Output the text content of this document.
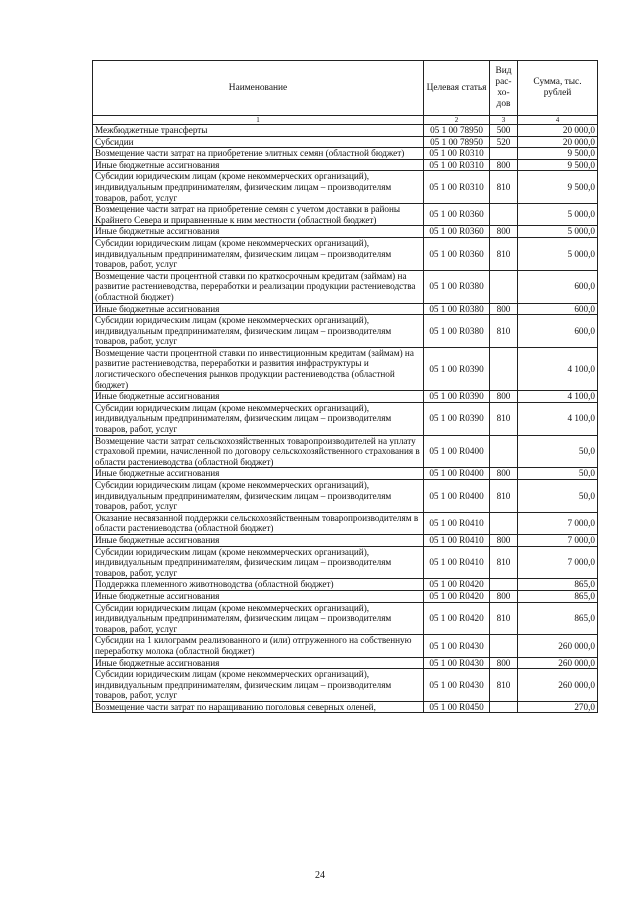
Наименование	Целевая статья	Вид рас- хо- дов	Сумма, тыс. рублей
1	2	3	4
Межбюджетные трансферты	05 1 00 78950	500	20 000,0
Субсидии	05 1 00 78950	520	20 000,0
Возмещение части затрат на приобретение элитных семян (областной бюджет)	05 1 00 R0310		9 500,0
Иные бюджетные ассигнования	05 1 00 R0310	800	9 500,0
Субсидии юридическим лицам (кроме некоммерческих организаций), индивидуальным предпринимателям, физическим лицам – производителям товаров, работ, услуг	05 1 00 R0310	810	9 500,0
Возмещение части затрат на приобретение семян с учетом доставки в районы Крайнего Севера и приравненные к ним местности (областной бюджет)	05 1 00 R0360		5 000,0
Иные бюджетные ассигнования	05 1 00 R0360	800	5 000,0
Субсидии юридическим лицам (кроме некоммерческих организаций), индивидуальным предпринимателям, физическим лицам – производителям товаров, работ, услуг	05 1 00 R0360	810	5 000,0
Возмещение части процентной ставки по краткосрочным кредитам (займам) на развитие растениеводства, переработки и реализации продукции растениеводства (областной бюджет)	05 1 00 R0380		600,0
Иные бюджетные ассигнования	05 1 00 R0380	800	600,0
Субсидии юридическим лицам (кроме некоммерческих организаций), индивидуальным предпринимателям, физическим лицам – производителям товаров, работ, услуг	05 1 00 R0380	810	600,0
Возмещение части процентной ставки по инвестиционным кредитам (займам) на развитие растениеводства, переработки и развития инфраструктуры и логистического обеспечения рынков продукции растениеводства (областной бюджет)	05 1 00 R0390		4 100,0
Иные бюджетные ассигнования	05 1 00 R0390	800	4 100,0
Субсидии юридическим лицам (кроме некоммерческих организаций), индивидуальным предпринимателям, физическим лицам – производителям товаров, работ, услуг	05 1 00 R0390	810	4 100,0
Возмещение части затрат сельскохозяйственных товаропроизводителей на уплату страховой премии, начисленной по договору сельскохозяйственного страхования в области растениеводства (областной бюджет)	05 1 00 R0400		50,0
Иные бюджетные ассигнования	05 1 00 R0400	800	50,0
Субсидии юридическим лицам (кроме некоммерческих организаций), индивидуальным предпринимателям, физическим лицам – производителям товаров, работ, услуг	05 1 00 R0400	810	50,0
Оказание несвязанной поддержки сельскохозяйственным товаропроизводителям в области растениеводства (областной бюджет)	05 1 00 R0410		7 000,0
Иные бюджетные ассигнования	05 1 00 R0410	800	7 000,0
Субсидии юридическим лицам (кроме некоммерческих организаций), индивидуальным предпринимателям, физическим лицам – производителям товаров, работ, услуг	05 1 00 R0410	810	7 000,0
Поддержка племенного животноводства (областной бюджет)	05 1 00 R0420		865,0
Иные бюджетные ассигнования	05 1 00 R0420	800	865,0
Субсидии юридическим лицам (кроме некоммерческих организаций), индивидуальным предпринимателям, физическим лицам – производителям товаров, работ, услуг	05 1 00 R0420	810	865,0
Субсидии на 1 килограмм реализованного и (или) отгруженного на собственную переработку молока (областной бюджет)	05 1 00 R0430		260 000,0
Иные бюджетные ассигнования	05 1 00 R0430	800	260 000,0
Субсидии юридическим лицам (кроме некоммерческих организаций), индивидуальным предпринимателям, физическим лицам – производителям товаров, работ, услуг	05 1 00 R0430	810	260 000,0
Возмещение части затрат по наращиванию поголовья северных оленей,	05 1 00 R0450		270,0
24
